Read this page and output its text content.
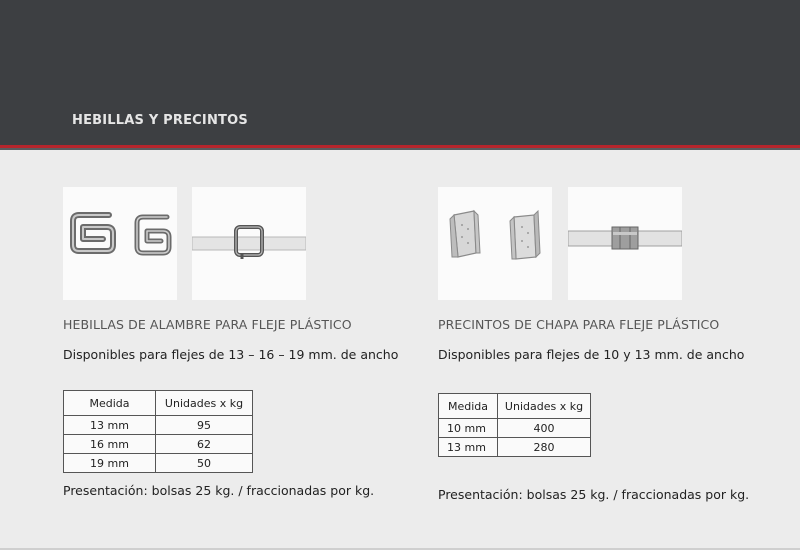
HEBILLAS Y PRECINTOS
HEBILLAS DE ALAMBRE PARA FLEJE PLÁSTICO
Disponibles para flejes de 13 – 16 – 19 mm. de ancho
Medida	Unidades x kg
13 mm	95
16 mm	62
19 mm	50
Presentación: bolsas 25 kg. / fraccionadas por kg.
PRECINTOS DE CHAPA PARA FLEJE PLÁSTICO
Disponibles para flejes de 10 y 13 mm. de ancho
Medida	Unidades x kg
10 mm	400
13 mm	280
Presentación: bolsas 25 kg. / fraccionadas por kg.
